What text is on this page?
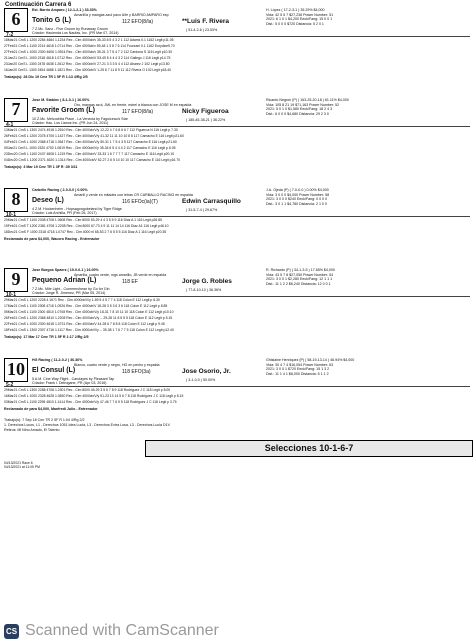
Continuación Carrera 6
6
7-2
Est. Barrio Amparo ( 12-1-2-1 ) 33.33%
Amarill/a y mangas azul pavo A/fe y BARRIO AMPARO esp
Tonito G (L)	112 EFO(8/la)	**Luis F. Rivera
7 Z.Mc. Sanz - Five Groom by Runaway Groom
Criador: Hacienda Los Naufas, Inc. (PR Mar 07, 2014)
( 51-4-2-6 ) 23.53%
H. López ( 17-2-3-1 ) 35.29% $4,000
Vida: 42 5 5 7 $27,236 Power Number: 51
2021: 6 1 0 1 $4,200 Eeck/Fang: 15 0 0 1
Dist.: 5 0 0 0 $720 Distancia: 5 2 0 1
18Mar21 CmS L 1200 2284 4684 1.1234 Rec - Clm 4000cb/v 35-33 8 5 4 3 2 1 112 Adams 0.1 1162 Legit p11.05
27Feb21 CmS L 1100 2214 4618 1.0714 Rec - Clm 4000cb/v 59-48 1 3 8 7 6 114 Fourzani 0.1 1162 Eurydice9.70
27Feb21 CmS L 1000 2300 4606 1.0924 Rec - Clm 4000cb/v 35-31 3 7 5 4 7 2 112 Cardona S 116 Legit p10.30
21Jan21 CmS L 1000 2318 4618 1.0712 Rec - Clm 4000cb/V 53-49 5 4 4 4 3 2 114 Gallego J 116 Legit p14.75
23Jan20 CmS L 1300 2478 4638 1.2612 Rec - Clm 4000cb/V 27-21 3 3 3 5 4 4 112 Abarez J 102 Legit p13.50
16Jan20 CmS L 1300 2454 4688 1.1821 Rec - Clm 4000cb/V 1-25 6 7 11 8 9 11 112 Rivera O 102 Legit p18.40
Trabajo(s): 28 Dic 19 Cmr TR 1 5F R 1:13 4/Rg 2/5
7
4-1
Jose M. Stabinc ( 8-1-0-1 ) 16.00%
Oro, mangas azul, JML en frente, estrel a blanca con JOSE M en espalda
Favorite Groom (L)	117 EFO(8/la)	Nicky Figueroa
10 Z.Mc. Melcochita Place - La Venecia by Fagoiceau's Star
Criador: Hac. Los Llanos Inc. (PR Jun 24, 2011)
( 185-45-38-21 ) 36.22%
Ricardo Negron (P) ( 163-25-20-18 ) 61.11% $4,000
Vida: 105 8 21 19 $71,163 Power Number: 52
2021: 5 0 1 0 $1,580 Eeck/Fang: 18 2 4 3
Dist.: 6 0 0 0 $4,680 Distancia: 29 2 3 0
13Mar21 CmS L 1300 2474 4918 1.2510 Rec - Clm 4000cb/V/y 12-22 4 7 6 8 6 6 7 112 Figueroa N 116 Legit p 7.30
26Feb21 CmS L 1200 2378 4705 1.1427 Rec - Clm 4000cb/V/y 41-32 11 11 10 10 8 6 117 Camacho E 116 Legit p21.60
04Feb21 CmS L 1000 2368 4718 1.0547 Rec - Clm 4000cb/V/y 50-31 1 7 5 4 3 5 117 Camacho E 116 Legit p21.60
09Jan21 CmS L 1000 2320 4700 1.0819 Rec - Clm 4000cb/V/y 35-34 6 5 4 4 4 2 117 Camacho E 116 Legit p 6.05
23Dec20 CmS L 1100 2437 4808 1.1219 Rec - Clm 4000cb/V 33-33 1 6 7 7 7 7 117 Camacho E 116 Legit p20.10
04Dec20 CmS L 1200 2371 4620 1.1314 Rec - Clm 4000cb/V 52-27 2 6 5 10 10 10 117 Camacho E 116 Legit p16.70
Trabajo(s): 3 Mar 19 Cmr TR 1 3F R :39 3/11
8
10-1
Carbello Racing ( 2-0-0-0 ) 0.00%
Amarill y verde en mitades con letras CR CARBALLO RACING en espalda
Deseo (L)	116 EFOc(ia)(T)	Edwin Carrasquillo
4 Z.M. Hockenheim - Hopsagongobeland by Tiger Ridge
Criador: Luis Archilla, PR (Feb 26, 2017)
( 31-5-7-4 ) 29.67%
J.A. Ojeda (P) ( 7-0-0-0 ) 0.00% $4,000
Vida: 3 0 0 0 $4,000 Power Number: 58
2021: 3 0 0 0 $240 Eeck/Fang: 0 0 0 0
Dist.: 3 0 1 1 $4,780 Distancia: 2 1 0 0
20Mar21 CmS T 1100 2308 4708 1.0608 Rec - Clm 8000 53-29 4 4 3 5 5 9 116 Diaz A 1 116 Legit p26.85
19Feb21 CmS T 1200 2381 4708 1.2208 Rec - Clm 8000 67-73 4 9 11 11 14 14 116 Diaz A1 116 Legit p46.10
18Dec21 CmS F 1000 2318 4718 1.0747 Rec - Clm 4000 nl 65-53 2 7 6 5 5 5 116 Diaz A 1 116 Legit p20.35
Reclamado de para $4,000, Wacoro Racing - Entrenador
9
10-1
Jose Burgos Spaerz ( 19-0-0-1 ) 16.00%
Amarilla, cuatro verde, mgs amarillo, JB verde en espalda
Pequeno Adrian (L)	118 EF	Jorge G. Robles
7 Z.Mc. Mile Light - Cummerchean by Go for Gin
Criador: Jorge R. Jimenez, PR (Mar 05, 2014)
( 77-8-10-10 ) 36.36%
R. Richardo (P) ( 34-1-3-5 ) 17.65% $4,000
Vida: 43 5 7 8 $27,050 Power Number: 54
2021: 3 0 0 1 $2,280 Eeck/Fang: 12 1 1 1
Dist.: 11 1 2 2 $6,240 Distancia: 12 0 0 1
29Mar21 CmS L 1200 2228 4 1671 Rec - Clm 4000cb/V/y 1-59 5 4 5 7 7 4 118 Colon E 112 Legit p 6.30
17Mar21 CmS L 1100 2308 4718 1.0926 Rec - Clm 4000cb/V 18-28 3 5 3 6 3 6 118 Colon E 112 Legit p 8.85
05Mar21 CmS L 1100 2300 4810 1.0708 Rec - Clm 4000cb/V/y 18-31 7 8 10 11 10 118 Colon E 112 Legit p10.10
26Feb21 CmS L 1200 2368 4810 1.2208 Rec - Clm 4000cb/V/y -- 29-28 11 8 5 5 5 118 Colon E 112 Legit p 5.15
22Feb21 CmS L 1000 2300 4618 1.0731 Rec - Clm 4000cb/V 44-28 6 7 8 8 8 118 Colon E 112 Legit p 9.45
18Feb21 CmS L 1300 2307 4716 1.1117 Rec - Clm 4000cb/V/y -- 39-38 1 7 6 7 7 5 118 Colon E 112 Legit p12.40
Trabajo(s): 17 Mar 17 Cmr TR 1 5F R 1:17 2/Rg 2/5
10
5-2
HG Racing ( 11-2-0-2 ) 36.36%
Blanco, cuatro verde y negro, HG en pecho y espalda
El Consul (L)	118 EFO(3a)	Jose Osorio, Jr.
5 A.M. Cine Way Flight - Carolayes by Pleasant Tap
Criador: Frank I. Delrogane, PR (Apr 03, 2016)
( 3-1-0-0 ) 50.00%
Ghislaine Henriquez (P) ( 58-19-13-14 ) 46.94% $4,000
Vida: 30 4 7 4 $16,054 Power Number: 63
2021: 3 0 0 1 $720 Eeck/Fang: 15 1 3 2
Dist.: 11 1 4 1 $8,000 Distancia: 5 1 1 2
29Mar21 CmS L 1300 2288 4708 1.2301 Rec - Clm 8000 45-29 3 5 6 7 8 9 118 Rodriguez J C 118 Legit p 8.00
16Mar21 CmS L 1000 2328 4628 1.0830 Rec - Clm 4000cb/V/y 51-23 13 14 5 6 7 8 118 Rodriguez J C 118 Legit p 8.15
03Mar21 CmS L 1100 2298 4810 1.1414 Rec - Clm 4000cb/V/y 47-46 7 7 6 5 5 118 Rodriguez J C 118 Legit p 3.75
Reclamado de para $4,000, Manfredi Julio - Entrenador
Trabajo(s): 7 Sep 18 Cmr TR 2 5F R 1:04 4/Rg 2/2
1. Derechos Locos, L1 - Derechos 1051 Idea Lucia, L3 - Derechos Extra Lusa, L3 - Derechos Lucia D1V
Retiros: Mi Nino Amado, El Talento
Selecciones 10-1-6-7
04/13/2021 Race 6
04/13/2021 at 11:05 PM
CS Scanned with CamScanner
